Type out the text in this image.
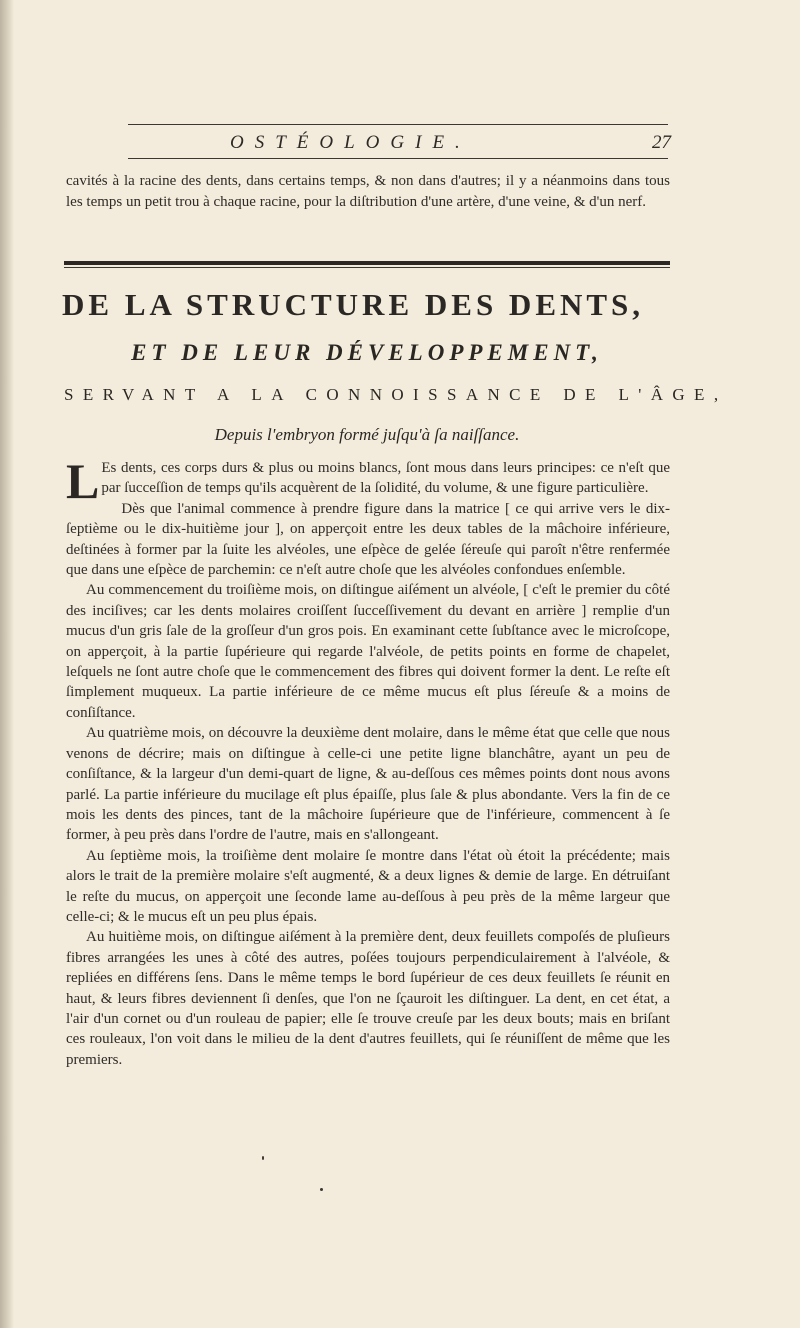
OSTÉOLOGIE.	27

cavités à la racine des dents, dans certains temps, & non dans d'autres; il y a néanmoins dans tous les temps un petit trou à chaque racine, pour la diſtribution d'une artère, d'une veine, & d'un nerf.

DE LA STRUCTURE DES DENTS,
ET DE LEUR DÉVELOPPEMENT,
SERVANT A LA CONNOISSANCE DE L'ÂGE,
Depuis l'embryon formé juſqu'à ſa naiſſance.

L Es dents, ces corps durs & plus ou moins blancs, ſont mous dans leurs principes: ce n'eſt que par ſucceſſion de temps qu'ils acquèrent de la ſolidité, du volume, & une figure particulière.

Dès que l'animal commence à prendre figure dans la matrice [ ce qui arrive vers le dix-ſeptième ou le dix-huitième jour ], on apperçoit entre les deux tables de la mâchoire inférieure, deſtinées à former par la ſuite les alvéoles, une eſpèce de gelée ſéreuſe qui paroît n'être renfermée que dans une eſpèce de parchemin: ce n'eſt autre choſe que les alvéoles confondues enſemble.

Au commencement du troiſième mois, on diſtingue aiſément un alvéole, [ c'eſt le premier du côté des inciſives; car les dents molaires croiſſent ſucceſſivement du devant en arrière ] remplie d'un mucus d'un gris ſale de la groſſeur d'un gros pois. En examinant cette ſubſtance avec le microſcope, on apperçoit, à la partie ſupérieure qui regarde l'alvéole, de petits points en forme de chapelet, leſquels ne ſont autre choſe que le commencement des fibres qui doivent former la dent. Le reſte eſt ſimplement muqueux. La partie inférieure de ce même mucus eſt plus ſéreuſe & a moins de conſiſtance.

Au quatrième mois, on découvre la deuxième dent molaire, dans le même état que celle que nous venons de décrire; mais on diſtingue à celle-ci une petite ligne blanchâtre, ayant un peu de conſiſtance, & la largeur d'un demi-quart de ligne, & au-deſſous ces mêmes points dont nous avons parlé. La partie inférieure du mucilage eſt plus épaiſſe, plus ſale & plus abondante. Vers la fin de ce mois les dents des pinces, tant de la mâchoire ſupérieure que de l'inférieure, commencent à ſe former, à peu près dans l'ordre de l'autre, mais en s'allongeant.

Au ſeptième mois, la troiſième dent molaire ſe montre dans l'état où étoit la précédente; mais alors le trait de la première molaire s'eſt augmenté, & a deux lignes & demie de large. En détruiſant le reſte du mucus, on apperçoit une ſeconde lame au-deſſous à peu près de la même largeur que celle-ci; & le mucus eſt un peu plus épais.

Au huitième mois, on diſtingue aiſément à la première dent, deux feuillets compoſés de pluſieurs fibres arrangées les unes à côté des autres, poſées toujours perpendiculairement à l'alvéole, & repliées en différens ſens. Dans le même temps le bord ſupérieur de ces deux feuillets ſe réunit en haut, & leurs fibres deviennent ſi denſes, que l'on ne ſçauroit les diſtinguer. La dent, en cet état, a l'air d'un cornet ou d'un rouleau de papier; elle ſe trouve creuſe par les deux bouts; mais en briſant ces rouleaux, l'on voit dans le milieu de la dent d'autres feuillets, qui ſe réuniſſent de même que les premiers.
